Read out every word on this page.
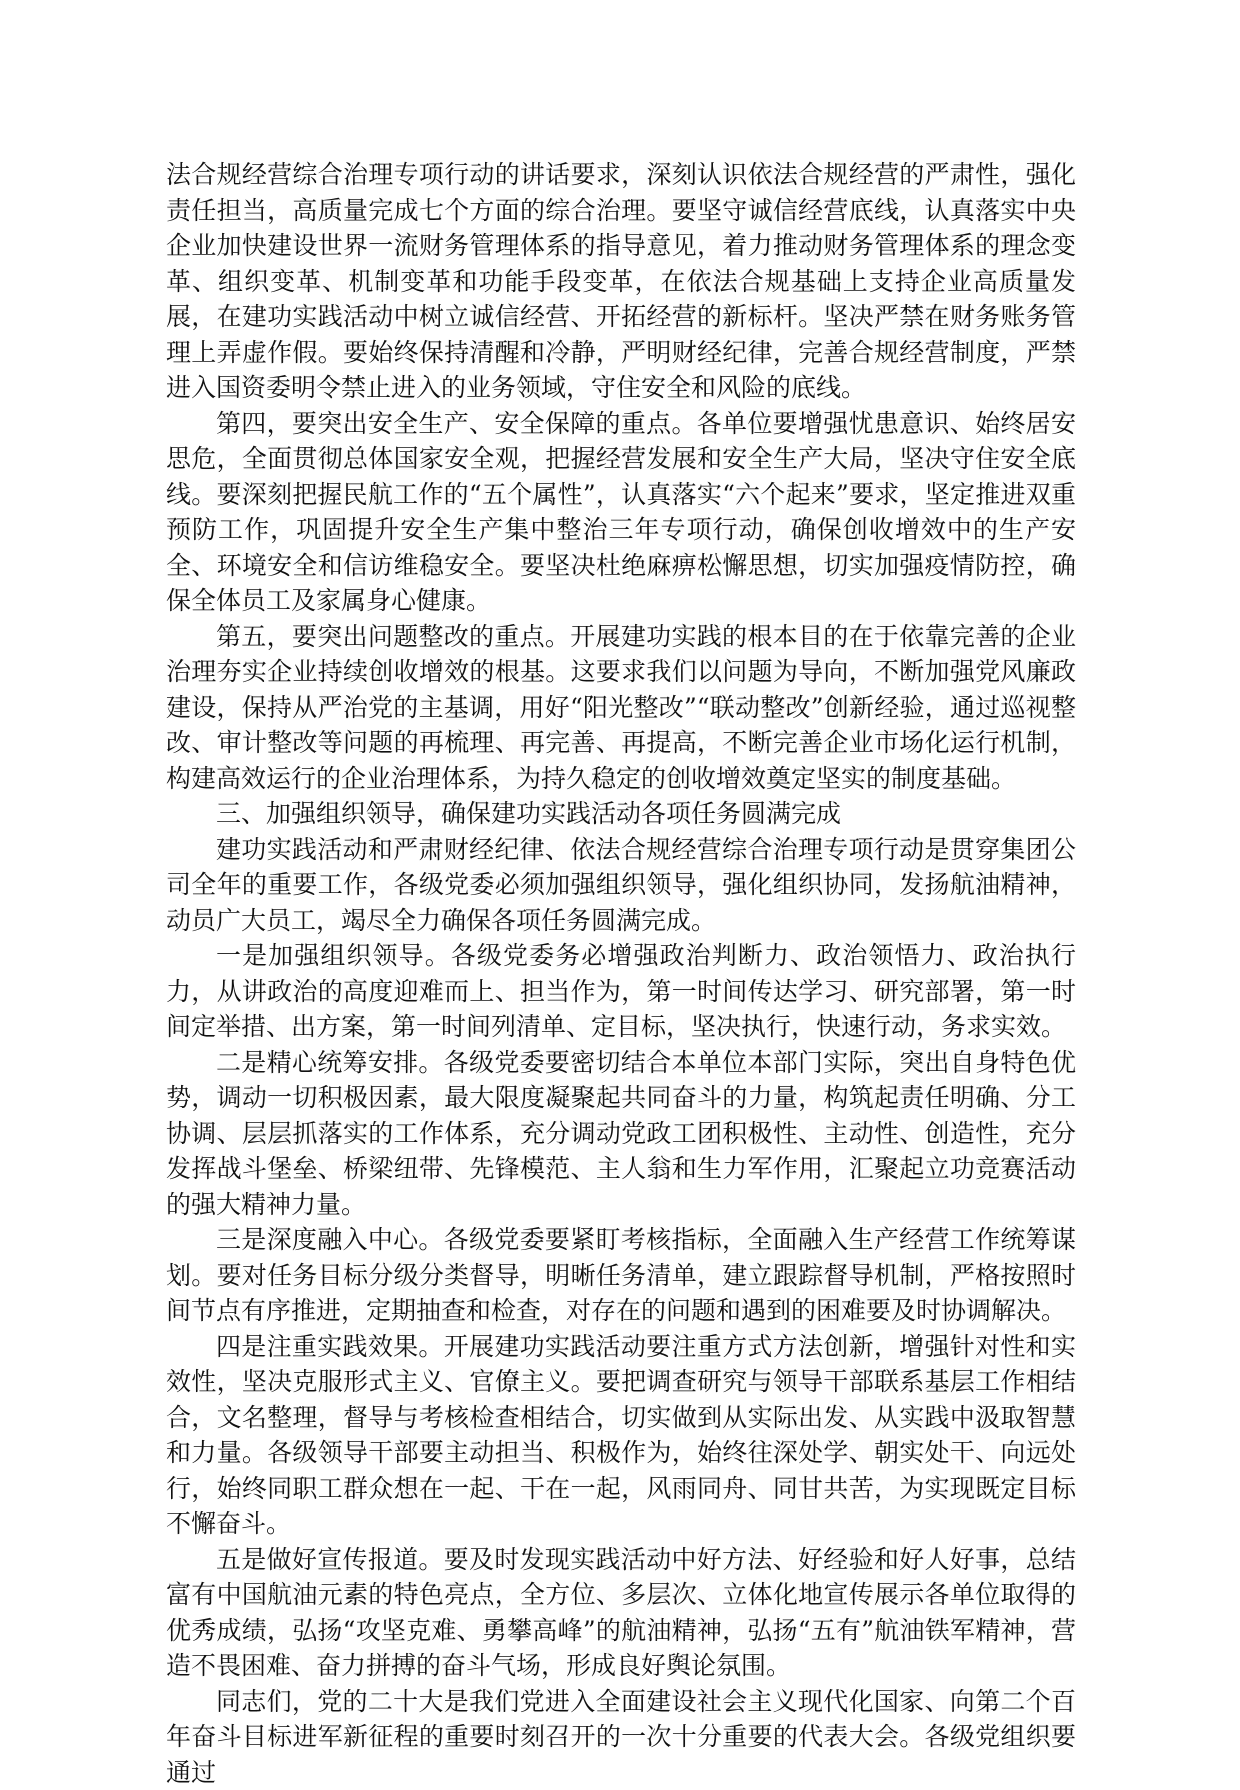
法合规经营综合治理专项行动的讲话要求，深刻认识依法合规经营的严肃性，强化责任担当，高质量完成七个方面的综合治理。要坚守诚信经营底线，认真落实中央企业加快建设世界一流财务管理体系的指导意见，着力推动财务管理体系的理念变革、组织变革、机制变革和功能手段变革，在依法合规基础上支持企业高质量发展，在建功实践活动中树立诚信经营、开拓经营的新标杆。坚决严禁在财务账务管理上弄虚作假。要始终保持清醒和冷静，严明财经纪律，完善合规经营制度，严禁进入国资委明令禁止进入的业务领域，守住安全和风险的底线。

第四，要突出安全生产、安全保障的重点。各单位要增强忧患意识、始终居安思危，全面贯彻总体国家安全观，把握经营发展和安全生产大局，坚决守住安全底线。要深刻把握民航工作的“五个属性”，认真落实“六个起来”要求，坚定推进双重预防工作，巩固提升安全生产集中整治三年专项行动，确保创收增效中的生产安全、环境安全和信访维稳安全。要坚决杜绝麻痹松懈思想，切实加强疫情防控，确保全体员工及家属身心健康。

第五，要突出问题整改的重点。开展建功实践的根本目的在于依靠完善的企业治理夯实企业持续创收增效的根基。这要求我们以问题为导向，不断加强党风廉政建设，保持从严治党的主基调，用好“阳光整改”“联动整改”创新经验，通过巡视整改、审计整改等问题的再梳理、再完善、再提高，不断完善企业市场化运行机制，构建高效运行的企业治理体系，为持久稳定的创收增效奠定坚实的制度基础。

三、加强组织领导，确保建功实践活动各项任务圆满完成

建功实践活动和严肃财经纪律、依法合规经营综合治理专项行动是贯穿集团公司全年的重要工作，各级党委必须加强组织领导，强化组织协同，发扬航油精神，动员广大员工，竭尽全力确保各项任务圆满完成。

一是加强组织领导。各级党委务必增强政治判断力、政治领悟力、政治执行力，从讲政治的高度迎难而上、担当作为，第一时间传达学习、研究部署，第一时间定举措、出方案，第一时间列清单、定目标，坚决执行，快速行动，务求实效。

二是精心统筹安排。各级党委要密切结合本单位本部门实际，突出自身特色优势，调动一切积极因素，最大限度凝聚起共同奋斗的力量，构筑起责任明确、分工协调、层层抓落实的工作体系，充分调动党政工团积极性、主动性、创造性，充分发挥战斗堡垒、桥梁纽带、先锋模范、主人翁和生力军作用，汇聚起立功竞赛活动的强大精神力量。

三是深度融入中心。各级党委要紧盯考核指标，全面融入生产经营工作统筹谋划。要对任务目标分级分类督导，明晰任务清单，建立跟踪督导机制，严格按照时间节点有序推进，定期抽查和检查，对存在的问题和遇到的困难要及时协调解决。

四是注重实践效果。开展建功实践活动要注重方式方法创新，增强针对性和实效性，坚决克服形式主义、官僚主义。要把调查研究与领导干部联系基层工作相结合，文名整理，督导与考核检查相结合，切实做到从实际出发、从实践中汲取智慧和力量。各级领导干部要主动担当、积极作为，始终往深处学、朝实处干、向远处行，始终同职工群众想在一起、干在一起，风雨同舟、同甘共苦，为实现既定目标不懈奋斗。

五是做好宣传报道。要及时发现实践活动中好方法、好经验和好人好事，总结富有中国航油元素的特色亮点，全方位、多层次、立体化地宣传展示各单位取得的优秀成绩，弘扬“攻坚克难、勇攀高峰”的航油精神，弘扬“五有”航油铁军精神，营造不畏困难、奋力拼搏的奋斗气场，形成良好舆论氛围。

同志们，党的二十大是我们党进入全面建设社会主义现代化国家、向第二个百年奋斗目标进军新征程的重要时刻召开的一次十分重要的代表大会。各级党组织要通过
